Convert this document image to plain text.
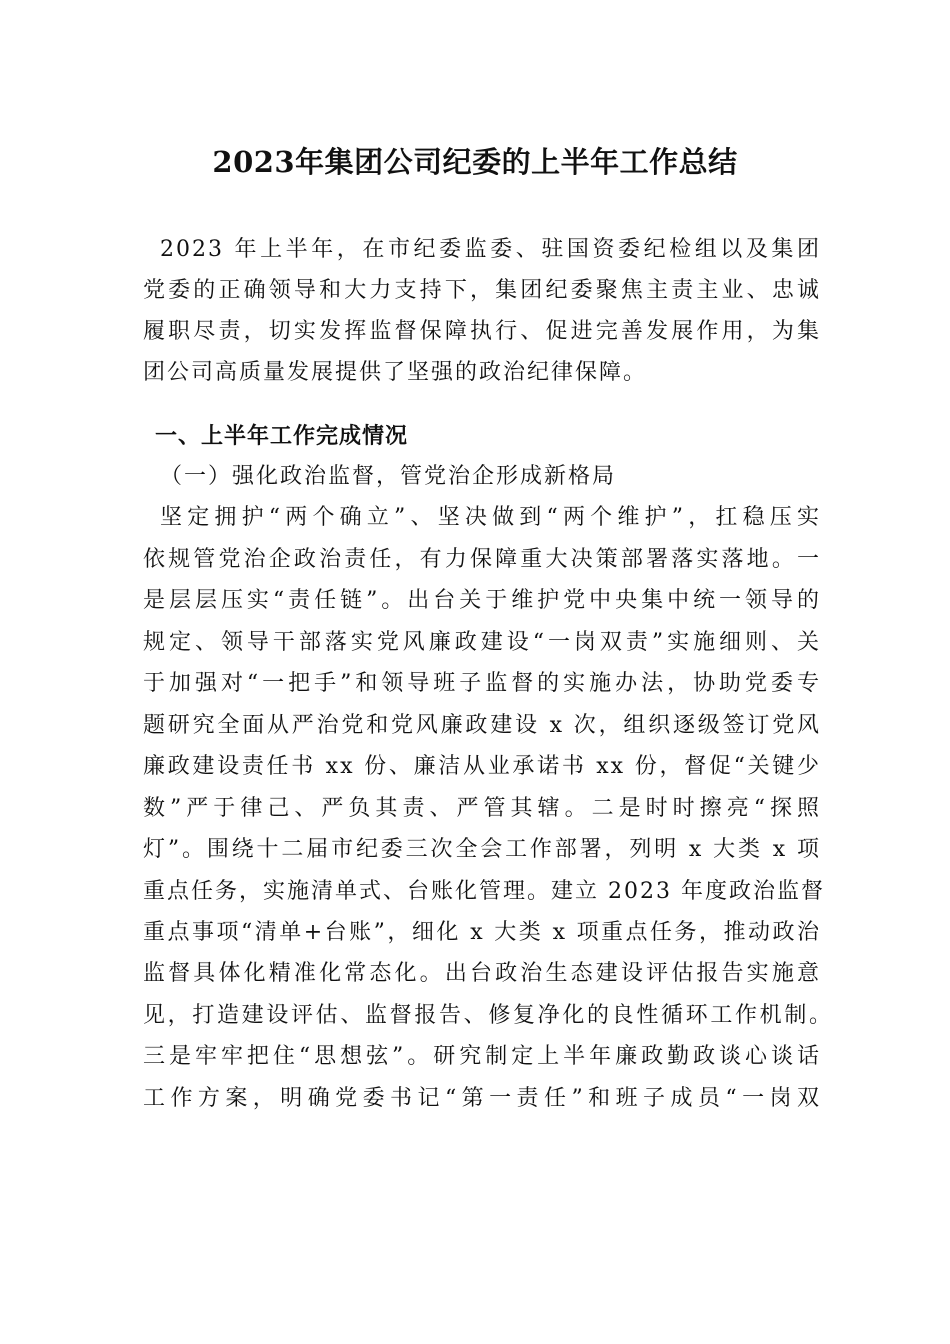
2023年集团公司纪委的上半年工作总结
2023 年上半年，在市纪委监委、驻国资委纪检组以及集团
党委的正确领导和大力支持下，集团纪委聚焦主责主业、忠诚
履职尽责，切实发挥监督保障执行、促进完善发展作用，为集
团公司高质量发展提供了坚强的政治纪律保障。
一、上半年工作完成情况
（一）强化政治监督，管党治企形成新格局
坚定拥护“两个确立”、坚决做到“两个维护”，扛稳压实
依规管党治企政治责任，有力保障重大决策部署落实落地。一
是层层压实“责任链”。出台关于维护党中央集中统一领导的
规定、领导干部落实党风廉政建设“一岗双责”实施细则、关
于加强对“一把手”和领导班子监督的实施办法，协助党委专
题研究全面从严治党和党风廉政建设 x 次，组织逐级签订党风
廉政建设责任书 xx 份、廉洁从业承诺书 xx 份，督促“关键少
数”严于律己、严负其责、严管其辖。二是时时擦亮“探照
灯”。围绕十二届市纪委三次全会工作部署，列明 x 大类 x 项
重点任务，实施清单式、台账化管理。建立 2023 年度政治监督
重点事项“清单+台账”，细化 x 大类 x 项重点任务，推动政治
监督具体化精准化常态化。出台政治生态建设评估报告实施意
见，打造建设评估、监督报告、修复净化的良性循环工作机制。
三是牢牢把住“思想弦”。研究制定上半年廉政勤政谈心谈话
工作方案，明确党委书记“第一责任”和班子成员“一岗双
